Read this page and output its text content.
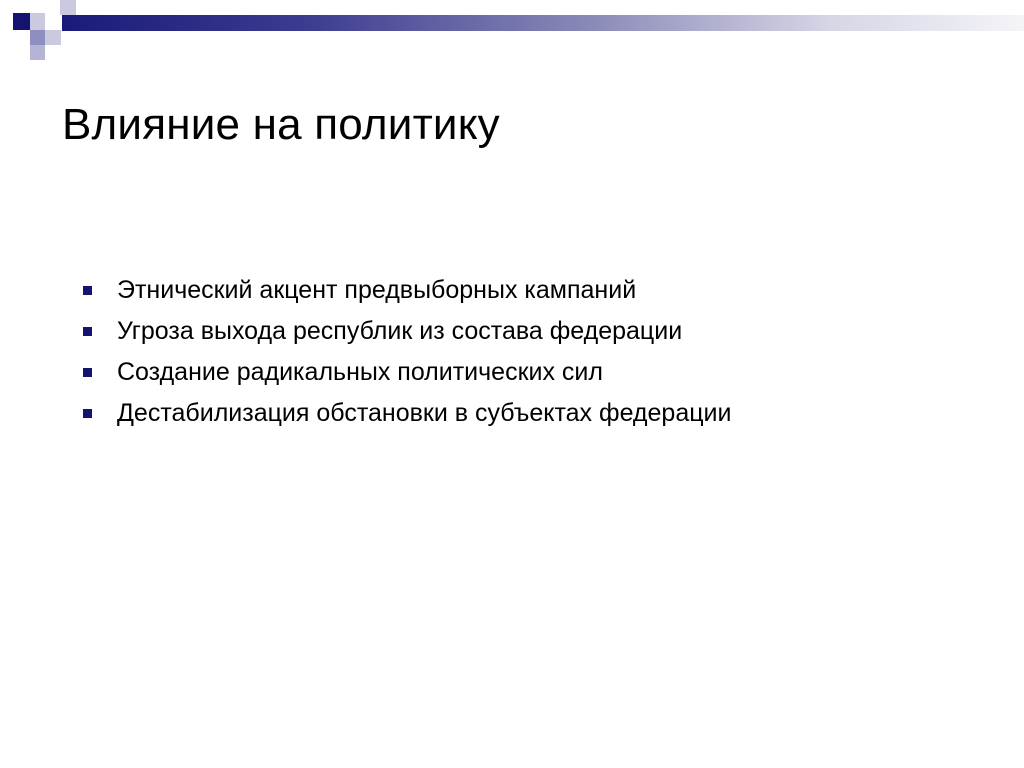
Влияние на политику
Этнический акцент предвыборных кампаний
Угроза выхода республик из состава федерации
Создание радикальных политических сил
Дестабилизация обстановки в субъектах федерации
